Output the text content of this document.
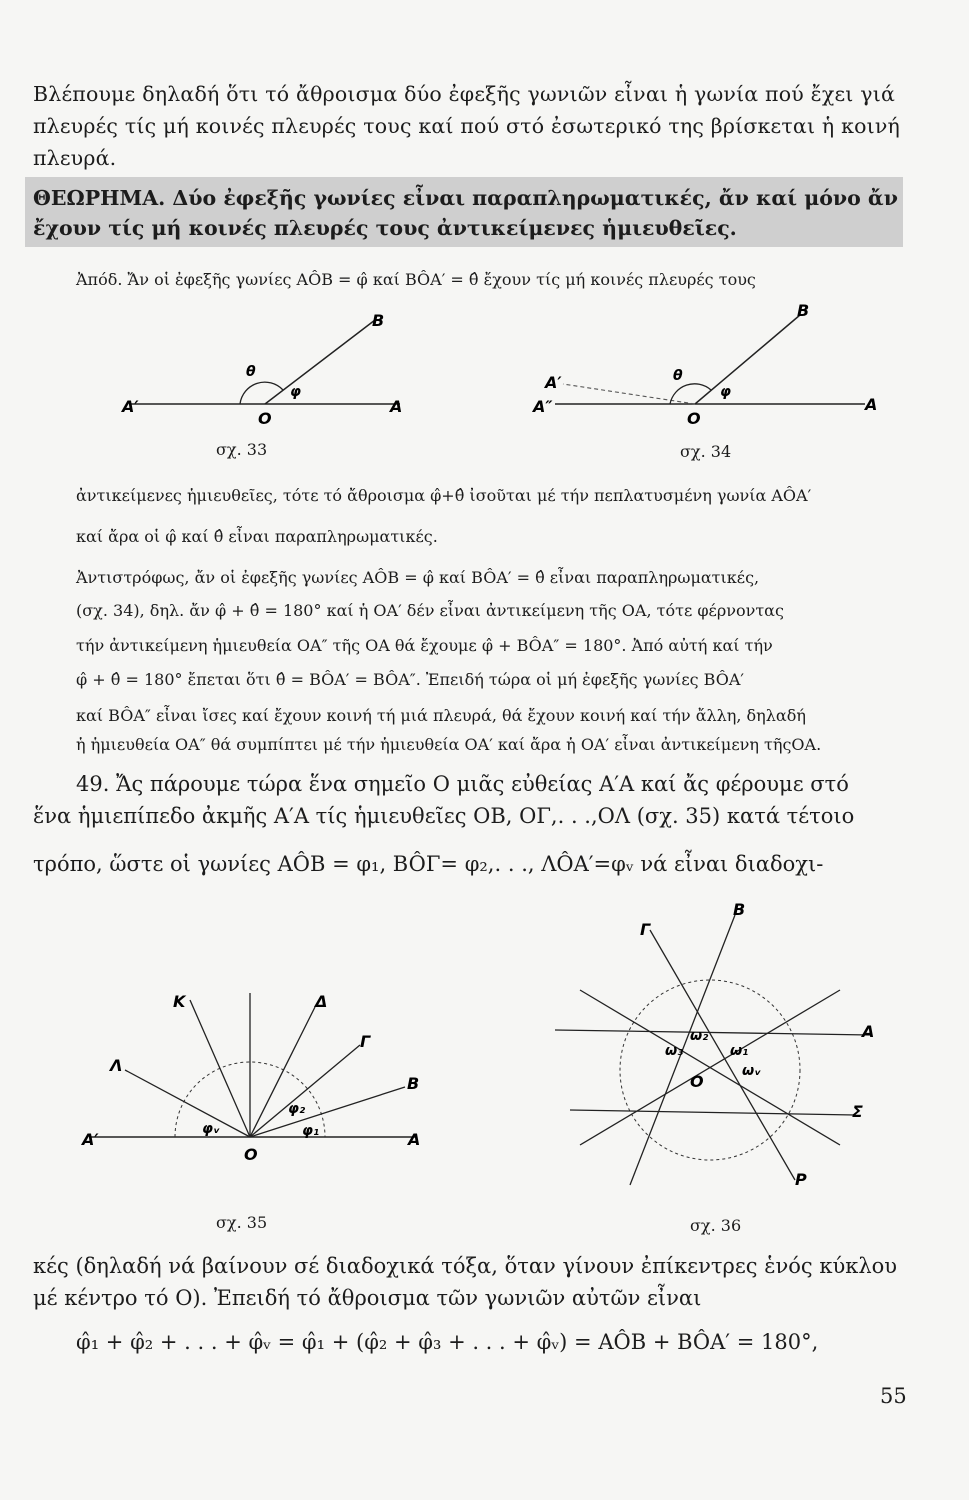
Βλέπουμε δηλαδή ὅτι τό ἄθροισμα δύο ἐφεξῆς γωνιῶν εἶναι ἡ γωνία πού ἔχει γιά
πλευρές τίς μή κοινές πλευρές τους καί πού στό ἐσωτερικό της βρίσκεται ἡ κοινή
πλευρά.
ΘΕΩΡΗΜΑ. Δύο ἐφεξῆς γωνίες εἶναι παραπληρωματικές, ἄν καί μόνο ἄν
ἔχουν τίς μή κοινές πλευρές τους ἀντικείμενες ἡμιευθεῖες.
Ἀπόδ. Ἄν οἱ ἐφεξῆς γωνίες AÔB = φ̂ καί BÔA′ = θ̂ ἔχουν τίς μή κοινές πλευρές τους
A′	A
O
B
θ
φ
σχ. 33
A′
A″	A
O
B
θ
φ
σχ. 34
ἀντικείμενες ἡμιευθεῖες, τότε τό ἄθροισμα φ̂+θ̂ ἰσοῦται μέ τήν πεπλατυσμένη γωνία AÔA′
καί ἄρα οἱ φ̂ καί θ̂ εἶναι παραπληρωματικές.
Ἀντιστρόφως, ἄν οἱ ἐφεξῆς γωνίες AÔB = φ̂ καί BÔA′ = θ̂ εἶναι παραπληρωματικές,
(σχ. 34), δηλ. ἄν φ̂ + θ̂ = 180° καί ἡ OA′ δέν εἶναι ἀντικείμενη τῆς OA, τότε φέρνοντας
τήν ἀντικείμενη ἡμιευθεία OA″ τῆς OA θά ἔχουμε φ̂ + BÔA″ = 180°. Ἀπό αὐτή καί τήν
φ̂ + θ̂ = 180° ἔπεται ὅτι θ̂ = BÔA′ = BÔA″. Ἐπειδή τώρα οἱ μή ἐφεξῆς γωνίες BÔA′
καί BÔA″ εἶναι ἴσες καί ἔχουν κοινή τή μιά πλευρά, θά ἔχουν κοινή καί τήν ἄλλη, δηλαδή
ἡ ἡμιευθεία OA″ θά συμπίπτει μέ τήν ἡμιευθεία OA′ καί ἄρα ἡ OA′ εἶναι ἀντικείμενη τῆςOA.
49. Ἄς πάρουμε τώρα ἕνα σημεῖο O μιᾶς εὐθείας A′A καί ἄς φέρουμε στό
ἕνα ἡμιεπίπεδο ἀκμῆς A′A τίς ἡμιευθεῖες OB, OΓ,. . .,OΛ (σχ. 35) κατά τέτοιο
τρόπο, ὥστε οἱ γωνίες AÔB = φ₁, BÔΓ= φ₂,. . ., ΛÔA′=φᵥ νά εἶναι διαδοχι-
K	Δ
Γ
Λ
B
A′	A
O
φᵥ
φ₂
φ₁
σχ. 35
B
Γ
A
O
Σ
P
ω₁
ω₂
ω₃
ωᵥ
σχ. 36
κές (δηλαδή νά βαίνουν σέ διαδοχικά τόξα, ὅταν γίνουν ἐπίκεντρες ἑνός κύκλου
μέ κέντρο τό O). Ἐπειδή τό ἄθροισμα τῶν γωνιῶν αὐτῶν εἶναι
φ̂₁ + φ̂₂ + . . . + φ̂ᵥ = φ̂₁ + (φ̂₂ + φ̂₃ + . . . + φ̂ᵥ) = AÔB + BÔA′ = 180°,
55
